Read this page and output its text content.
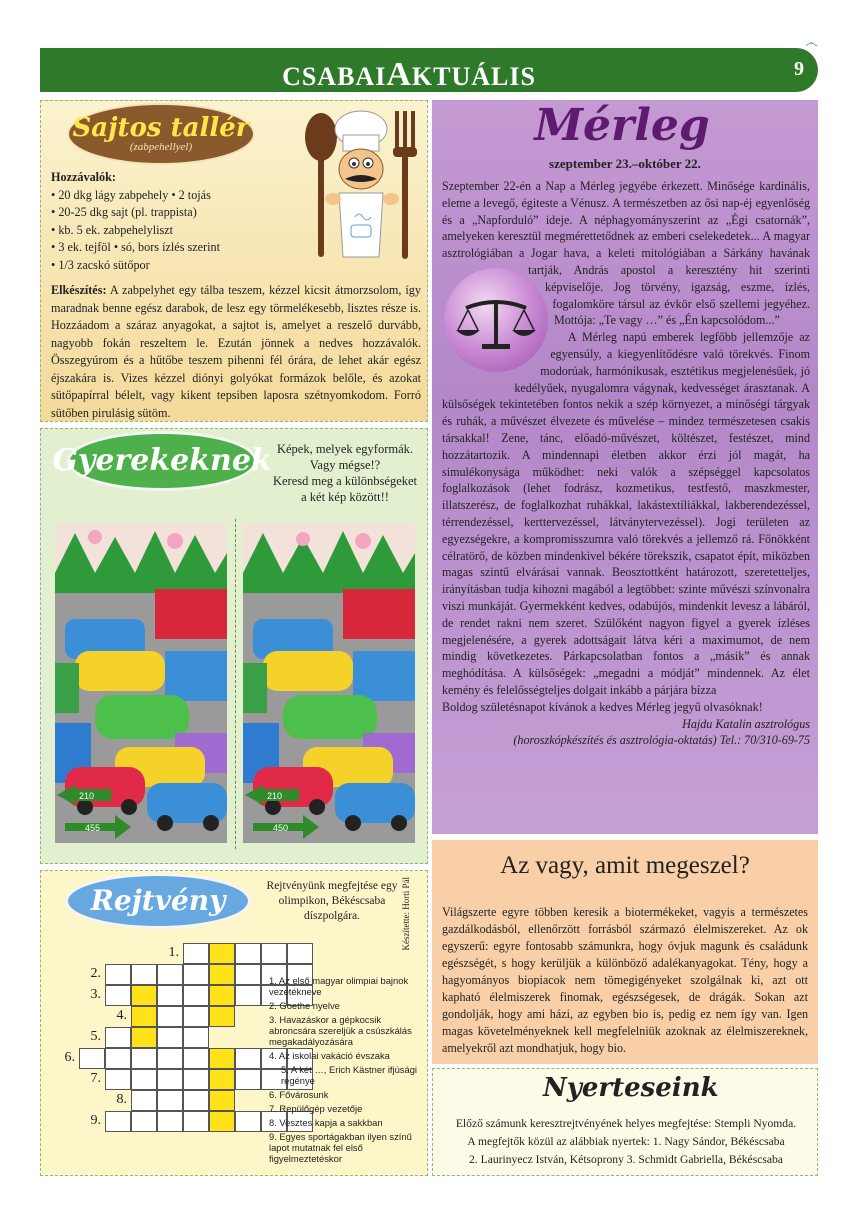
CSABAIAKTUÁLIS	9
෴
Sajtos tallér
(zabpehellyel)
Hozzávalók:
• 20 dkg lágy zabpehely • 2 tojás
• 20-25 dkg sajt (pl. trappista)
• kb. 5 ek. zabpehelyliszt
• 3 ek. tejföl • só, bors ízlés szerint
• 1/3 zacskó sütőpor
Elkészítés: A zabpelyhet egy tálba teszem, kézzel kicsit átmorzsolom, így maradnak benne egész darabok, de lesz egy törmelékesebb, lisztes része is. Hozzáadom a száraz anyagokat, a sajtot is, amelyet a reszelő durvább, nagyobb fokán reszeltem le. Ezután jönnek a nedves hozzávalók. Összegyúrom és a hűtőbe teszem pihenni fél órára, de lehet akár egész éjszakára is. Vizes kézzel diónyi golyókat formázok belőle, és azokat sütőpapírral bélelt, vagy kikent tepsiben laposra szétnyomkodom. Forró sütőben pirulásig sütöm.
Gyerekeknek Képek, melyek egyformák.
Vagy mégse!?
Keresd meg a különbségeket
a két kép között!!
210
455
210
450
Rejtvény	Rejtvényünk megfejtése egy olimpikon, Békéscsaba díszpolgára.	Készítette: Horti Pál
1.
2.
3.
4.
5.
6.
7.
8.
9.
1. Az első magyar olimpiai bajnok vezetékneve
2. Goethe nyelve
3. Havazáskor a gépkocsik abroncsára szereljük a csúszkálás megakadályozására
4. Az iskolai vakáció évszaka
5. A két …, Erich Kästner ifjúsági regénye
6. Fővárosunk
7. Repülőgép vezetője
8. Vesztes kapja a sakkban
9. Egyes sportágakban ilyen színű lapot mutatnak fel első figyelmeztetéskor
Mérleg
szeptember 23.–október 22.
Szeptember 22-én a Nap a Mérleg jegyébe érkezett. Minősége kardinális, eleme a levegő, égiteste a Vénusz. A természetben az ősi nap-éj egyenlőség és a „Napforduló” ideje. A néphagyományszerint az „Égi csatornák”, amelyeken keresztül megmérettetődnek az emberi cselekedetek... A magyar asztrológiában a Jogar hava, a keleti mitológiában a Sárkány havának tartják, András apostol a keresztény hit szerinti képviselője. Jog törvény, igazság, eszme, ízlés, fogalomköre társul az évkör első szellemi jegyéhez. Mottója: „Te vagy …” és „Én kapcsolódom...”
A Mérleg napú emberek legfőbb jellemzője az egyensúly, a kiegyenlítődésre való törekvés. Finom modorúak, harmónikusak, esztétikus megjelenésűek, jó kedélyűek, nyugalomra vágynak, kedvességet árasztanak. A külsőségek tekintetében fontos nekik a szép környezet, a minőségi tárgyak és ruhák, a művészet élvezete és művelése – mindez természetesen csakis társakkal! Zene, tánc, előadó-művészet, költészet, festészet, mind hozzátartozik. A mindennapi életben akkor érzi jól magát, ha simulékonysága működhet: neki valók a szépséggel kapcsolatos foglalkozások (lehet fodrász, kozmetikus, testfestő, maszkmester, illatszerész, de foglalkozhat ruhákkal, lakástextíliákkal, lakberendezéssel, térrendezéssel, kerttervezéssel, látványtervezéssel). Jogi területen az egyezségekre, a kompromisszumra való törekvés a jellemző rá. Főnökként célratörő, de közben mindenkivel békére törekszik, csapatot épít, miközben magas szintű elvárásai vannak. Beosztottként határozott, szeretetteljes, irányításban tudja kihozni magából a legtöbbet: szinte művészi színvonalra viszi munkáját. Gyermekként kedves, odabújós, mindenkit levesz a lábáról, de rendet rakni nem szeret. Szülőként nagyon figyel a gyerek ízléses megjelenésére, a gyerek adottságait látva kéri a maximumot, de nem mindig következetes. Párkapcsolatban fontos a „másik” és annak meghódítása. A külsőségek: „megadni a módját” mindennek. Az élet kemény és felelősségteljes dolgait inkább a párjára bízza
Boldog születésnapot kívánok a kedves Mérleg jegyű olvasóknak!
Hajdu Katalin asztrológus
(horoszkópkészítés és asztrológia-oktatás) Tel.: 70/310-69-75
Az vagy, amit megeszel?
Világszerte egyre többen keresik a biotermékeket, vagyis a természetes gazdálkodásból, ellenőrzött forrásból származó élelmiszereket. Az ok egyszerű: egyre fontosabb számunkra, hogy óvjuk magunk és családunk egészségét, s hogy kerüljük a különböző adalékanyagokat. Tény, hogy a hagyományos biopiacok nem tömegigényeket szolgálnak ki, azt ott kapható élelmiszerek finomak, egészségesek, de drágák. Sokan azt gondolják, hogy ami házi, az egyben bio is, pedig ez nem így van. Igen magas követelményeknek kell megfelelniük azoknak az élelmiszereknek, amelyekről azt mondhatjuk, hogy bio.
Nyerteseink
Előző számunk keresztrejtvényének helyes megfejtése: Stempli Nyomda.
A megfejtők közül az alábbiak nyertek: 1. Nagy Sándor, Békéscsaba
2. Laurinyecz István, Kétsoprony 3. Schmidt Gabriella, Békéscsaba
